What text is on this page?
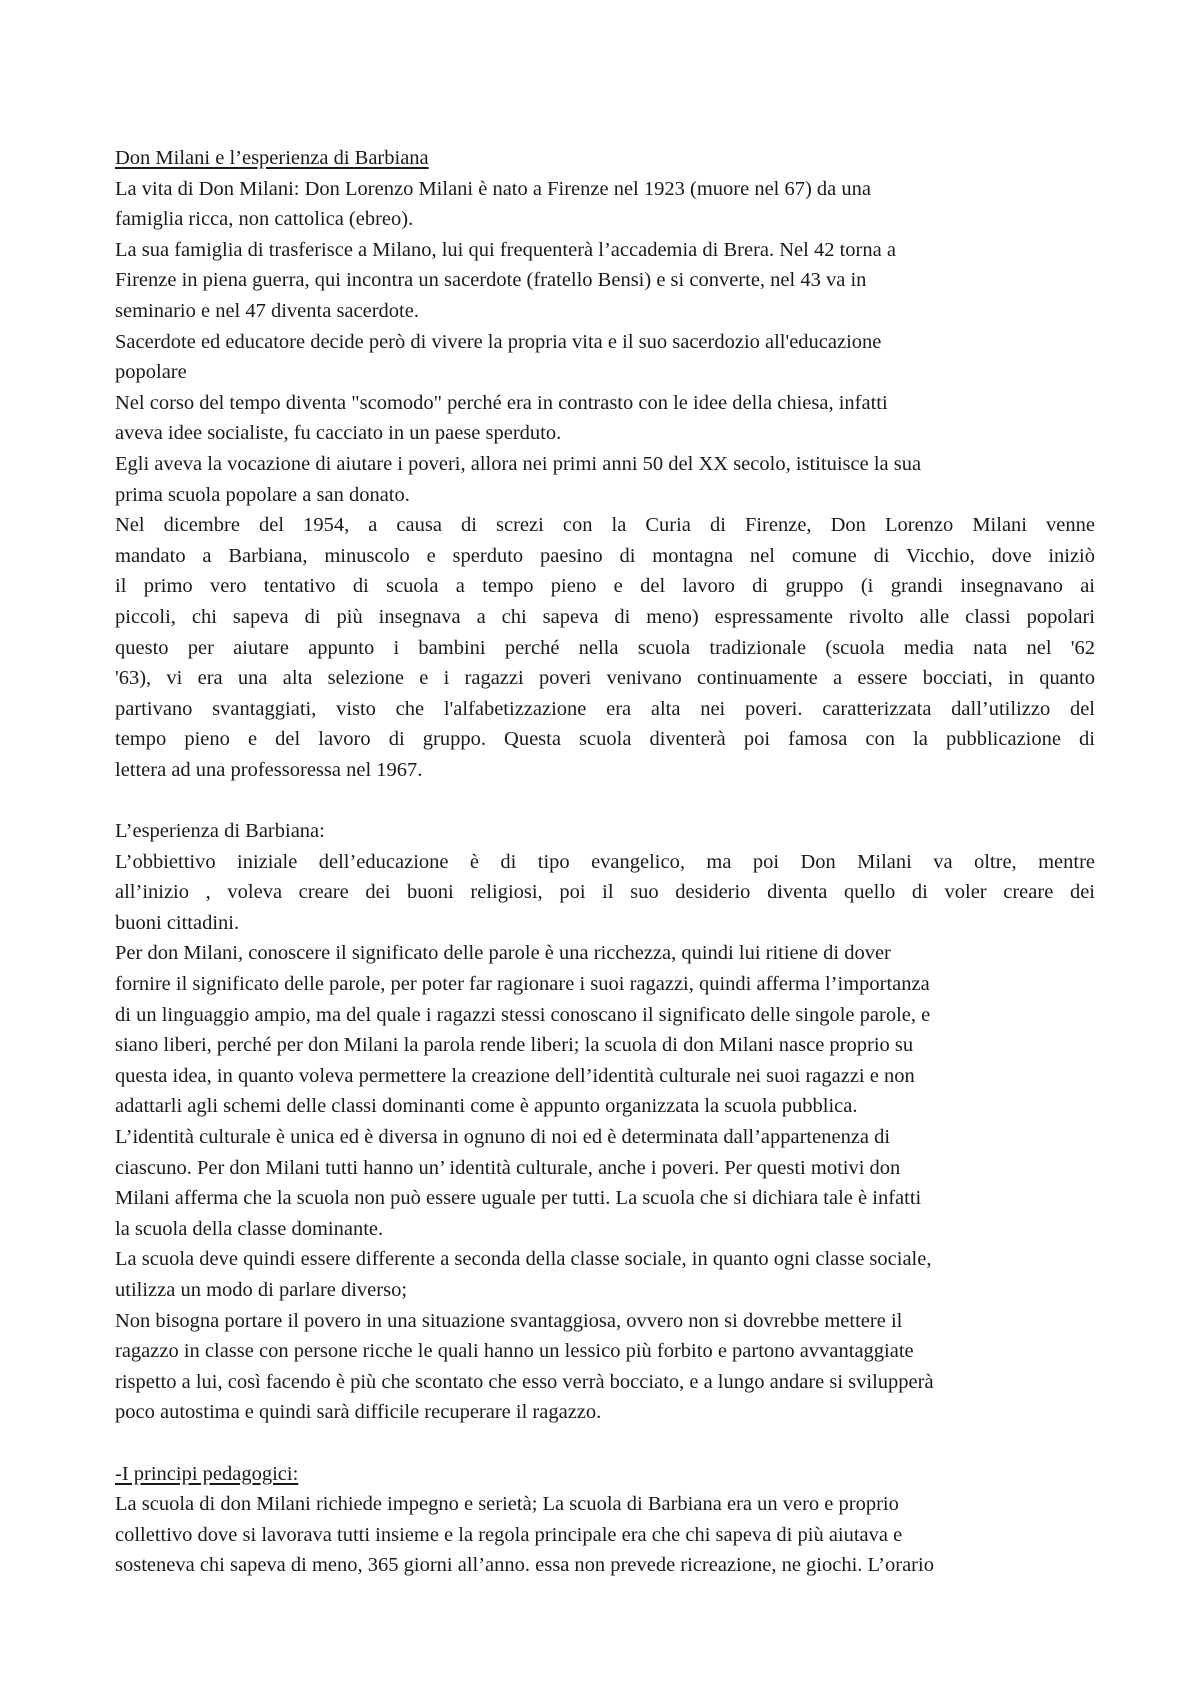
Don Milani e l’esperienza di Barbiana
La vita di Don Milani: Don Lorenzo Milani è nato a Firenze nel 1923 (muore nel 67) da una
famiglia ricca, non cattolica (ebreo).
La sua famiglia di trasferisce a Milano, lui qui frequenterà l’accademia di Brera. Nel 42 torna a
Firenze in piena guerra, qui incontra un sacerdote (fratello Bensi) e si converte, nel 43 va in
seminario e nel 47 diventa sacerdote.
Sacerdote ed educatore decide però di vivere la propria vita e il suo sacerdozio all'educazione
popolare
Nel corso del tempo diventa "scomodo" perché era in contrasto con le idee della chiesa, infatti
aveva idee socialiste, fu cacciato in un paese sperduto.
Egli aveva la vocazione di aiutare i poveri, allora nei primi anni 50 del XX secolo, istituisce la sua
prima scuola popolare a san donato.
Nel dicembre del 1954, a causa di screzi con la Curia di Firenze, Don Lorenzo Milani venne
mandato a Barbiana, minuscolo e sperduto paesino di montagna nel comune di Vicchio, dove iniziò
il primo vero tentativo di scuola a tempo pieno e del lavoro di gruppo (i grandi insegnavano ai
piccoli, chi sapeva di più insegnava a chi sapeva di meno) espressamente rivolto alle classi popolari
questo per aiutare appunto i bambini perché nella scuola tradizionale (scuola media nata nel '62
'63), vi era una alta selezione e i ragazzi poveri venivano continuamente a essere bocciati, in quanto
partivano svantaggiati, visto che l'alfabetizzazione era alta nei poveri. caratterizzata dall’utilizzo del
tempo pieno e del lavoro di gruppo. Questa scuola diventerà poi famosa con la pubblicazione di
lettera ad una professoressa nel 1967.
L’esperienza di Barbiana:
L’obbiettivo iniziale dell’educazione è di tipo evangelico, ma poi Don Milani va oltre, mentre
all’inizio , voleva creare dei buoni religiosi, poi il suo desiderio diventa quello di voler creare dei
buoni cittadini.
Per don Milani, conoscere il significato delle parole è una ricchezza, quindi lui ritiene di dover
fornire il significato delle parole, per poter far ragionare i suoi ragazzi, quindi afferma l’importanza
di un linguaggio ampio, ma del quale i ragazzi stessi conoscano il significato delle singole parole, e
siano liberi, perché per don Milani la parola rende liberi; la scuola di don Milani nasce proprio su
questa idea, in quanto voleva permettere la creazione dell’identità culturale nei suoi ragazzi e non
adattarli agli schemi delle classi dominanti come è appunto organizzata la scuola pubblica.
L’identità culturale è unica ed è diversa in ognuno di noi ed è determinata dall’appartenenza di
ciascuno. Per don Milani tutti hanno un’ identità culturale, anche i poveri. Per questi motivi don
Milani afferma che la scuola non può essere uguale per tutti. La scuola che si dichiara tale è infatti
la scuola della classe dominante.
La scuola deve quindi essere differente a seconda della classe sociale, in quanto ogni classe sociale,
utilizza un modo di parlare diverso;
Non bisogna portare il povero in una situazione svantaggiosa, ovvero non si dovrebbe mettere il
ragazzo in classe con persone ricche le quali hanno un lessico più forbito e partono avvantaggiate
rispetto a lui, così facendo è più che scontato che esso verrà bocciato, e a lungo andare si svilupperà
poco autostima e quindi sarà difficile recuperare il ragazzo.
-I principi pedagogici:
La scuola di don Milani richiede impegno e serietà; La scuola di Barbiana era un vero e proprio
collettivo dove si lavorava tutti insieme e la regola principale era che chi sapeva di più aiutava e
sosteneva chi sapeva di meno, 365 giorni all’anno. essa non prevede ricreazione, ne giochi. L’orario
